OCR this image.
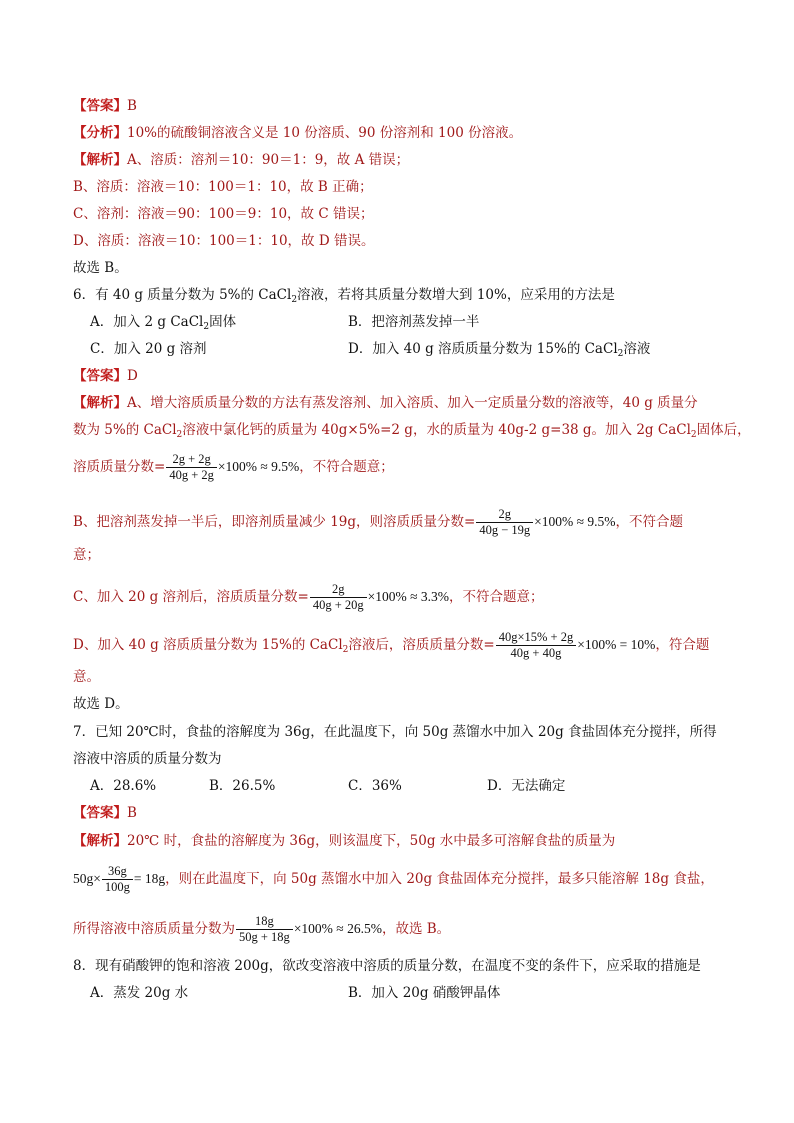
【答案】B
【分析】10%的硫酸铜溶液含义是 10 份溶质、90 份溶剂和 100 份溶液。
【解析】A、溶质：溶剂＝10：90＝1：9，故 A 错误；
B、溶质：溶液＝10：100＝1：10，故 B 正确；
C、溶剂：溶液＝90：100＝9：10，故 C 错误；
D、溶质：溶液＝10：100＝1：10，故 D 错误。
故选 B。
6．有 40 g 质量分数为 5%的 CaCl$_2$溶液，若将其质量分数增大到 10%，应采用的方法是
A．加入 2 g CaCl$_2$固体	B．把溶剂蒸发掉一半
C．加入 20 g 溶剂	D．加入 40 g 溶质质量分数为 15%的 CaCl$_2$溶液
【答案】D
【解析】A、增大溶质质量分数的方法有蒸发溶剂、加入溶质、加入一定质量分数的溶液等，40 g 质量分
数为 5%的 CaCl$_2$溶液中氯化钙的质量为 40g×5%=2 g，水的质量为 40g-2 g=38 g。加入 2g CaCl$_2$固体后，
溶质质量分数= $\frac{2g + 2g}{40g + 2g} \times 100\% \approx 9.5\%$，不符合题意；
B、把溶剂蒸发掉一半后，即溶剂质量减少 19g，则溶质质量分数= $\frac{2g}{40g - 19g} \times 100\% \approx 9.5\%$，不符合题
意；
C、加入 20 g 溶剂后，溶质质量分数= $\frac{2g}{40g + 20g} \times 100\% \approx 3.3\%$，不符合题意；
D、加入 40 g 溶质质量分数为 15%的 CaCl$_2$溶液后，溶质质量分数= $\frac{40g\times 15\% + 2g}{40g + 40g} \times 100\% = 10\%$，符合题
意。
故选 D。
7．已知 20℃时，食盐的溶解度为 36g，在此温度下，向 50g 蒸馏水中加入 20g 食盐固体充分搅拌，所得
溶液中溶质的质量分数为
A．28.6%	B．26.5%	C．36%	D．无法确定
【答案】B
【解析】20℃ 时，食盐的溶解度为 36g，则该温度下，50g 水中最多可溶解食盐的质量为
$50g\times \frac{36g}{100g} = 18g$，则在此温度下，向 50g 蒸馏水中加入 20g 食盐固体充分搅拌，最多只能溶解 18g 食盐，
所得溶液中溶质质量分数为 $\frac{18g}{50g + 18g} \times 100\% \approx 26.5\%$，故选 B。
8．现有硝酸钾的饱和溶液 200g，欲改变溶液中溶质的质量分数，在温度不变的条件下，应采取的措施是
A．蒸发 20g 水	B．加入 20g 硝酸钾晶体
